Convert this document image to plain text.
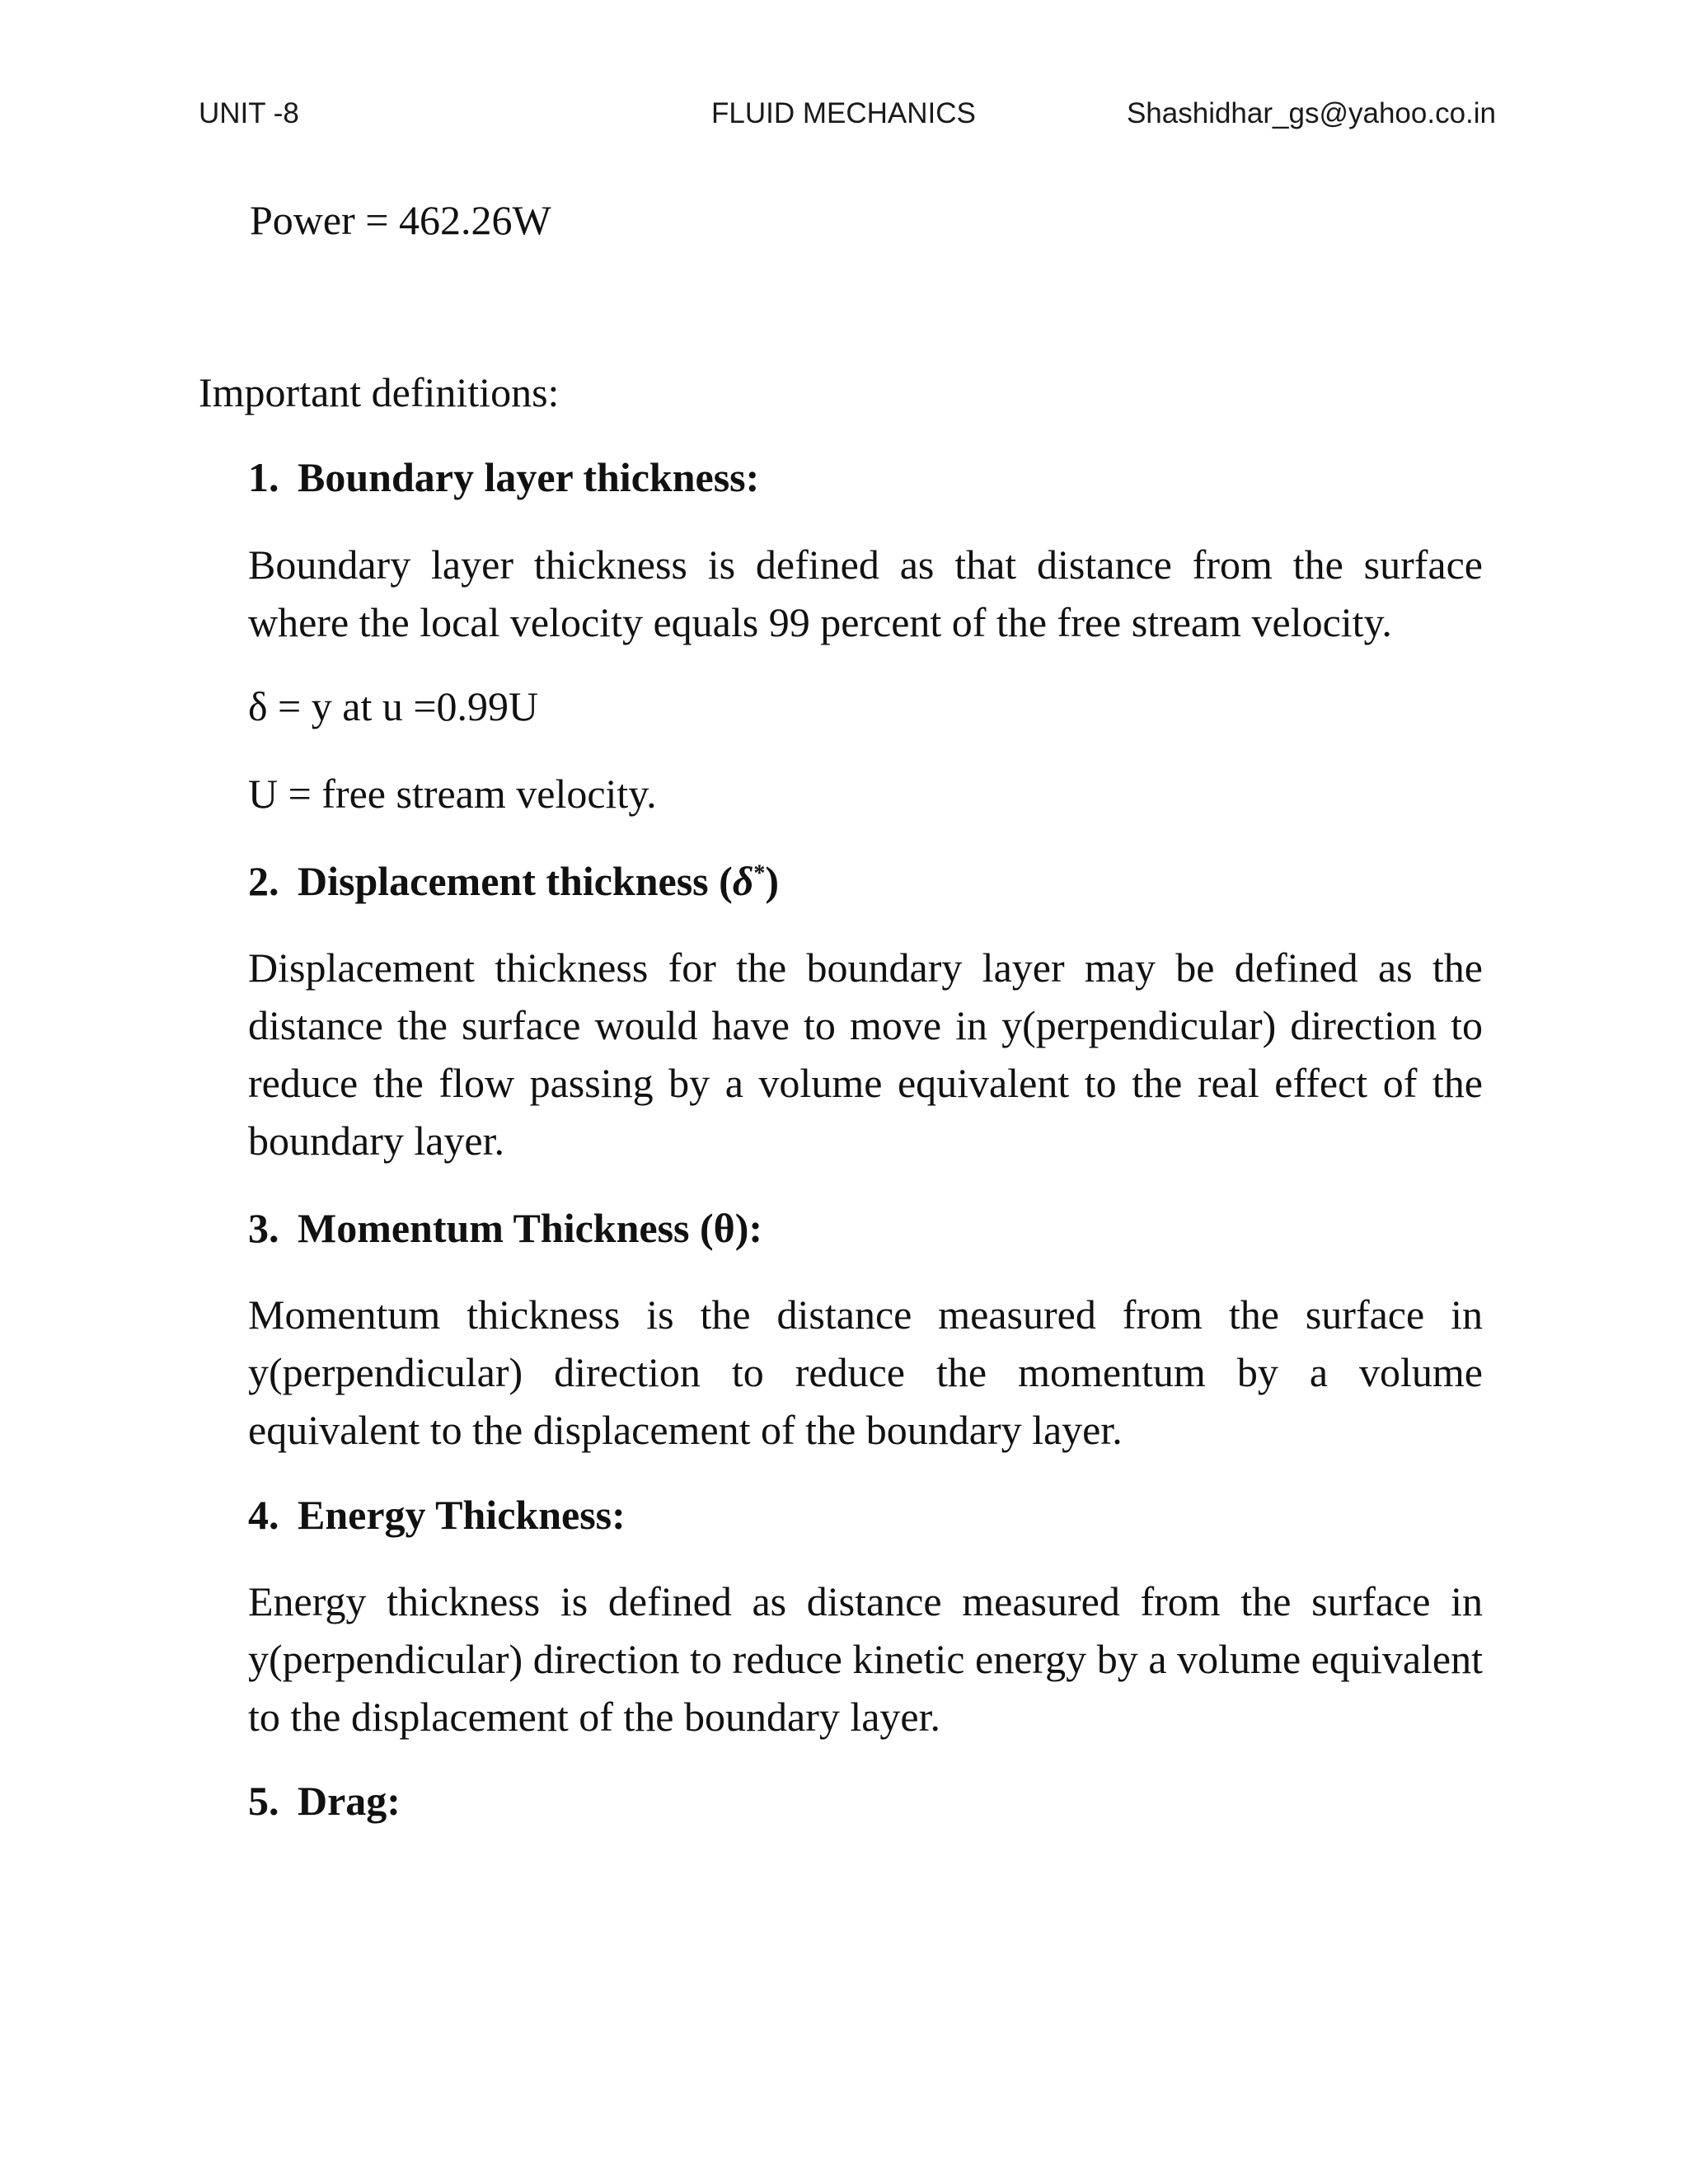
UNIT -8	FLUID MECHANICS	Shashidhar_gs@yahoo.co.in
Power = 462.26W
Important definitions:
1. Boundary layer thickness:
Boundary layer thickness is defined as that distance from the surface where the local velocity equals 99 percent of the free stream velocity.
δ = y at u =0.99U
U = free stream velocity.
2. Displacement thickness (δ*)
Displacement thickness for the boundary layer may be defined as the distance the surface would have to move in y(perpendicular) direction to reduce the flow passing by a volume equivalent to the real effect of the boundary layer.
3. Momentum Thickness (θ):
Momentum thickness is the distance measured from the surface in y(perpendicular) direction to reduce the momentum by a volume equivalent to the displacement of the boundary layer.
4. Energy Thickness:
Energy thickness is defined as distance measured from the surface in y(perpendicular) direction to reduce kinetic energy by a volume equivalent to the displacement of the boundary layer.
5. Drag:
